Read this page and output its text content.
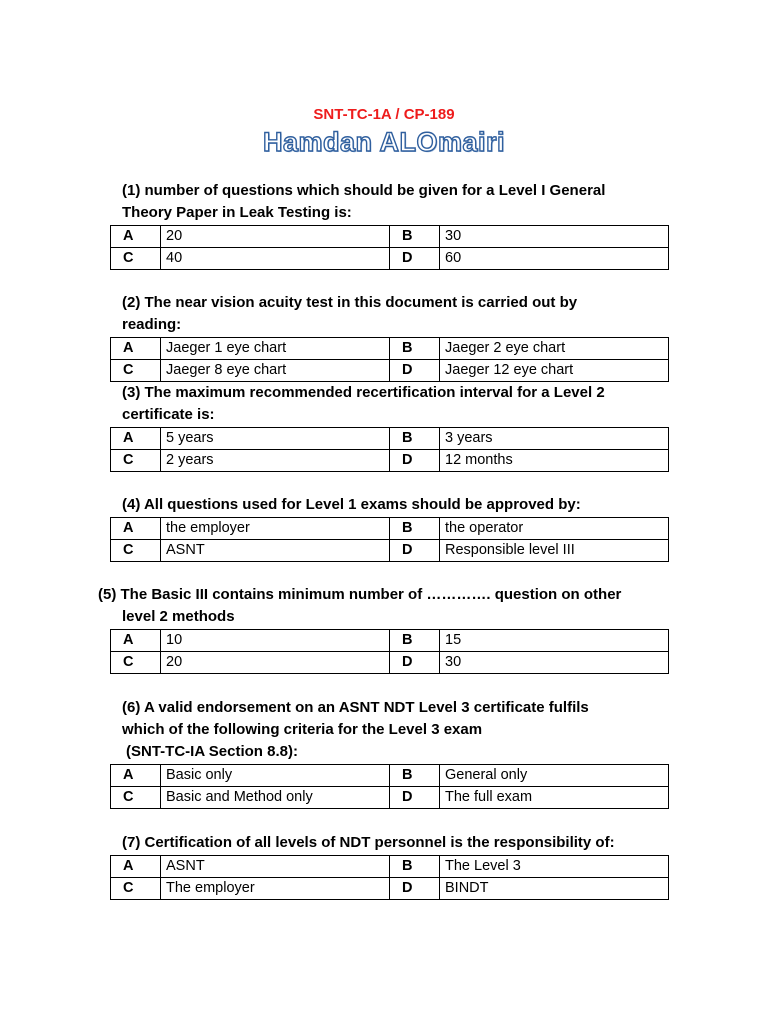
SNT-TC-1A / CP-189
Hamdan ALOmairi
(1) number of questions which should be given for a Level I General Theory Paper in Leak Testing is:
A	20	B	30
C	40	D	60
(2) The near vision acuity test in this document is carried out by reading:
A	Jaeger 1 eye chart	B	Jaeger 2 eye chart
C	Jaeger 8 eye chart	D	Jaeger 12 eye chart
(3) The maximum recommended recertification interval for a Level 2 certificate is:
A	5 years	B	3 years
C	2 years	D	12 months
(4) All questions used for Level 1 exams should be approved by:
A	the employer	B	the operator
C	ASNT	D	Responsible level III
(5) The Basic III contains minimum number of …………. question on other
level 2 methods
A	10	B	15
C	20	D	30
(6) A valid endorsement on an ASNT NDT Level 3 certificate fulfils which of the following criteria for the Level 3 exam
(SNT-TC-IA Section 8.8):
A	Basic only	B	General only
C	Basic and Method only	D	The full exam
(7) Certification of all levels of NDT personnel is the responsibility of:
A	ASNT	B	The Level 3
C	The employer	D	BINDT
